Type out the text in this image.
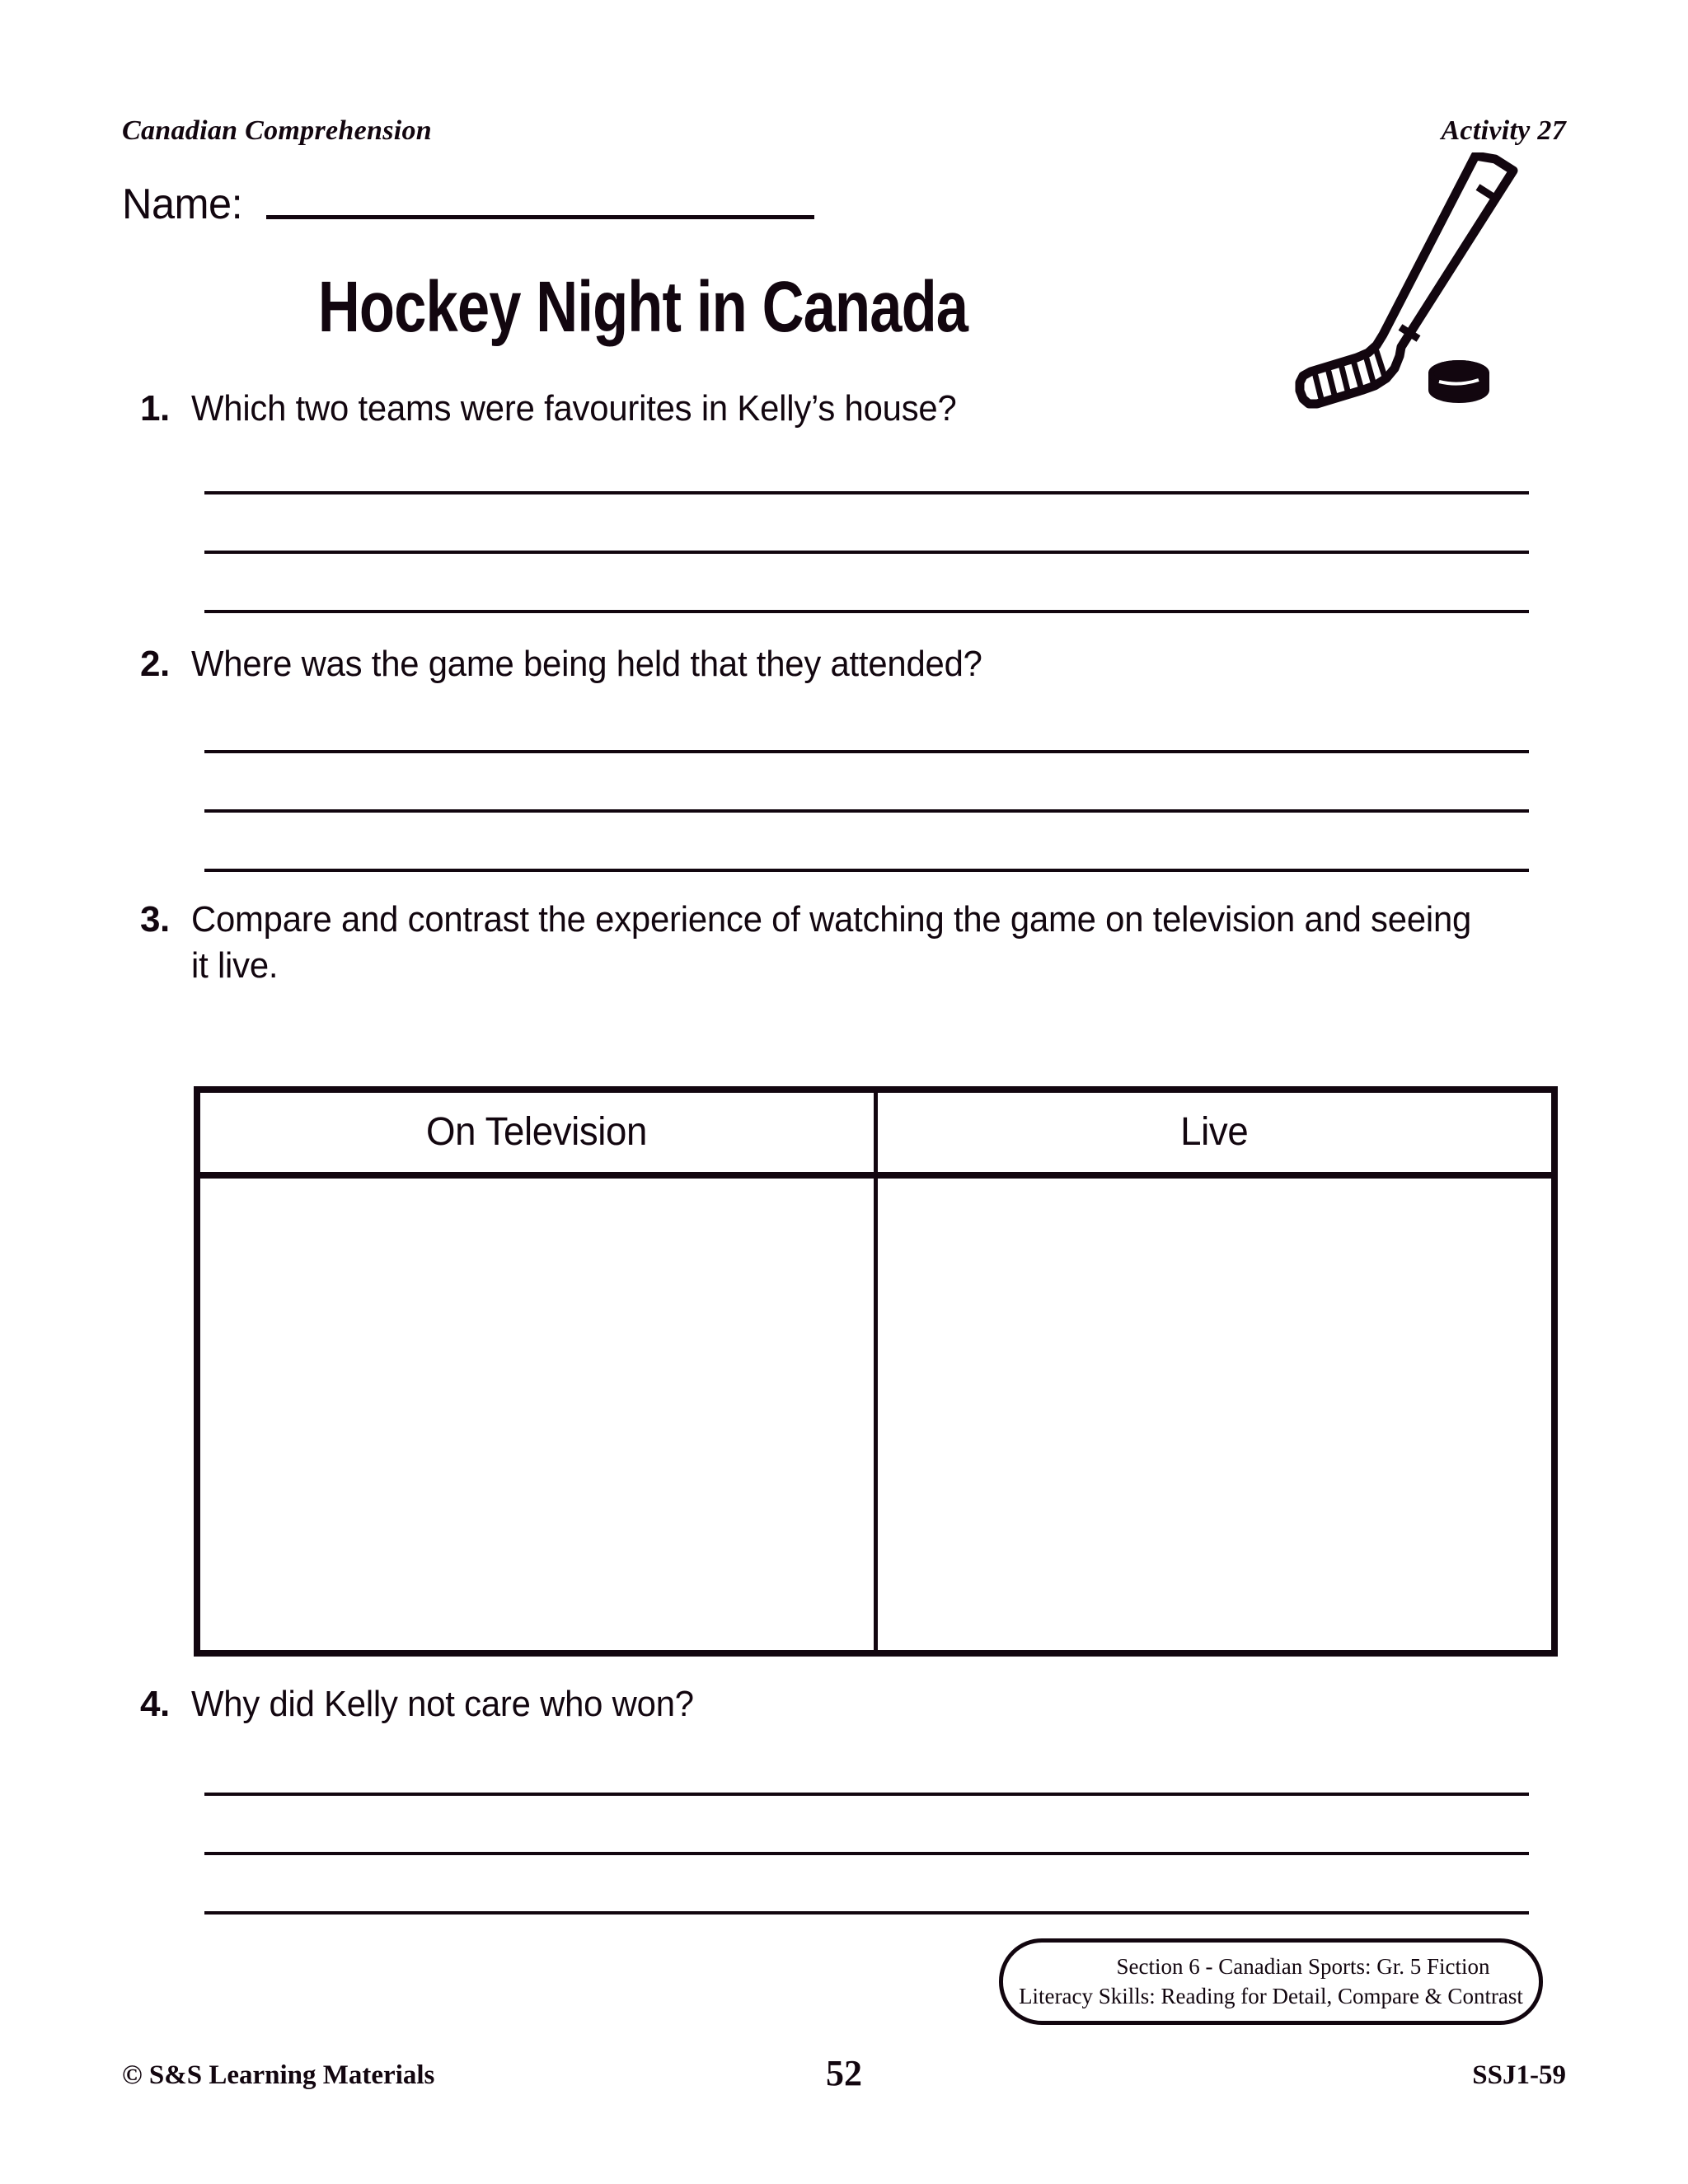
Canadian Comprehension	Activity 27
Name:
Hockey Night in Canada
1. Which two teams were favourites in Kelly’s house?
2. Where was the game being held that they attended?
3. Compare and contrast the experience of watching the game on television and seeing it live.
On Television	Live
4. Why did Kelly not care who won?
Section 6 - Canadian Sports: Gr. 5 Fiction
Literacy Skills: Reading for Detail, Compare & Contrast
© S&S Learning Materials	SSJ1-59
52
